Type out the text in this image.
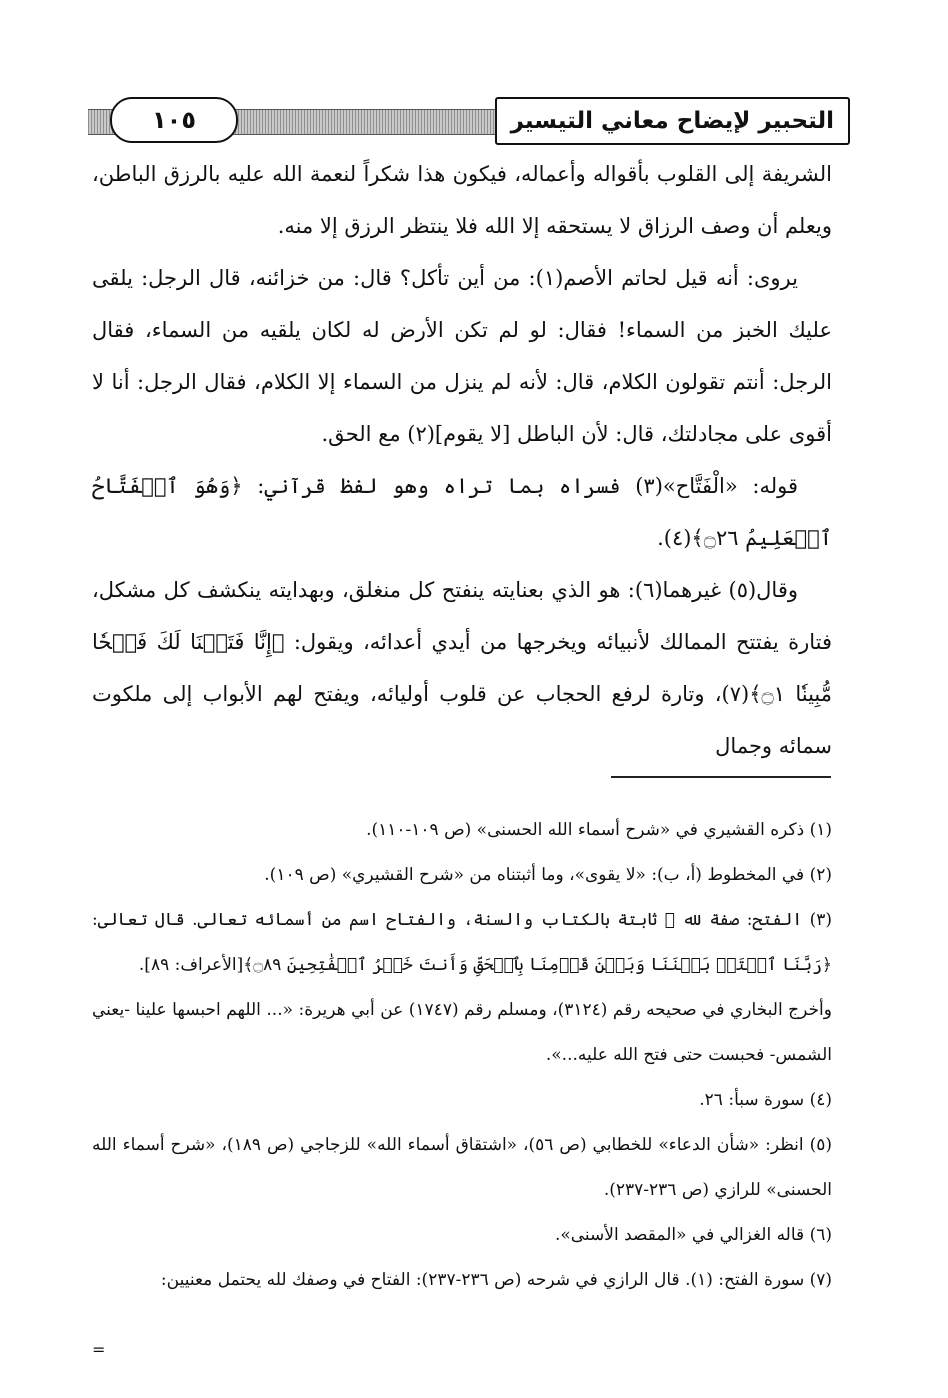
التحبير لإيضاح معاني التيسير
١٠٥

الشريفة إلى القلوب بأقواله وأعماله، فيكون هذا شكراً لنعمة الله عليه بالرزق الباطن، ويعلم أن وصف الرزاق لا يستحقه إلا الله فلا ينتظر الرزق إلا منه.

يروى: أنه قيل لحاتم الأصم(١): من أين تأكل؟ قال: من خزائنه، قال الرجل: يلقى عليك الخبز من السماء! فقال: لو لم تكن الأرض له لكان يلقيه من السماء، فقال الرجل: أنتم تقولون الكلام، قال: لأنه لم ينزل من السماء إلا الكلام، فقال الرجل: أنا لا أقوى على مجادلتك، قال: لأن الباطل [لا يقوم](٢) مع الحق.

قوله: «الْفَتَّاح»(٣) فسراه بما تراه وهو لفظ قرآني: ﴿وَهُوَ ٱلۡفَتَّاحُ ٱلۡعَلِيمُ ۝٢٦﴾(٤).

وقال(٥) غيرهما(٦): هو الذي بعنايته ينفتح كل منغلق، وبهدايته ينكشف كل مشكل، فتارة يفتتح الممالك لأنبيائه ويخرجها من أيدي أعدائه، ويقول: ﴿إِنَّا فَتَحۡنَا لَكَ فَتۡحٗا مُّبِينٗا ۝١﴾(٧)، وتارة لرفع الحجاب عن قلوب أوليائه، ويفتح لهم الأبواب إلى ملكوت سمائه وجمال

(١) ذكره القشيري في «شرح أسماء الله الحسنى» (ص ١٠٩-١١٠).

(٢) في المخطوط (أ، ب): «لا يقوى»، وما أثبتناه من «شرح القشيري» (ص ١٠٩).

(٣) الفتح: صفة لله ﷻ ثابتة بالكتاب والسنة، والفتاح اسم من أسمائه تعالى. قال تعالى: ﴿رَبَّنَا ٱفۡتَحۡ بَيۡنَنَا وَبَيۡنَ قَوۡمِنَا بِٱلۡحَقِّ وَأَنتَ خَيۡرُ ٱلۡفَٰتِحِينَ ۝٨٩﴾[الأعراف: ٨٩].

وأخرج البخاري في صحيحه رقم (٣١٢٤)، ومسلم رقم (١٧٤٧) عن أبي هريرة: «... اللهم احبسها علينا -يعني الشمس- فحبست حتى فتح الله عليه...».

(٤) سورة سبأ: ٢٦.

(٥) انظر: «شأن الدعاء» للخطابي (ص ٥٦)، «اشتقاق أسماء الله» للزجاجي (ص ١٨٩)، «شرح أسماء الله الحسنى» للرازي (ص ٢٣٦-٢٣٧).

(٦) قاله الغزالي في «المقصد الأسنى».

(٧) سورة الفتح: (١). قال الرازي في شرحه (ص ٢٣٦-٢٣٧): الفتاح في وصفك لله يحتمل معنيين:

=
